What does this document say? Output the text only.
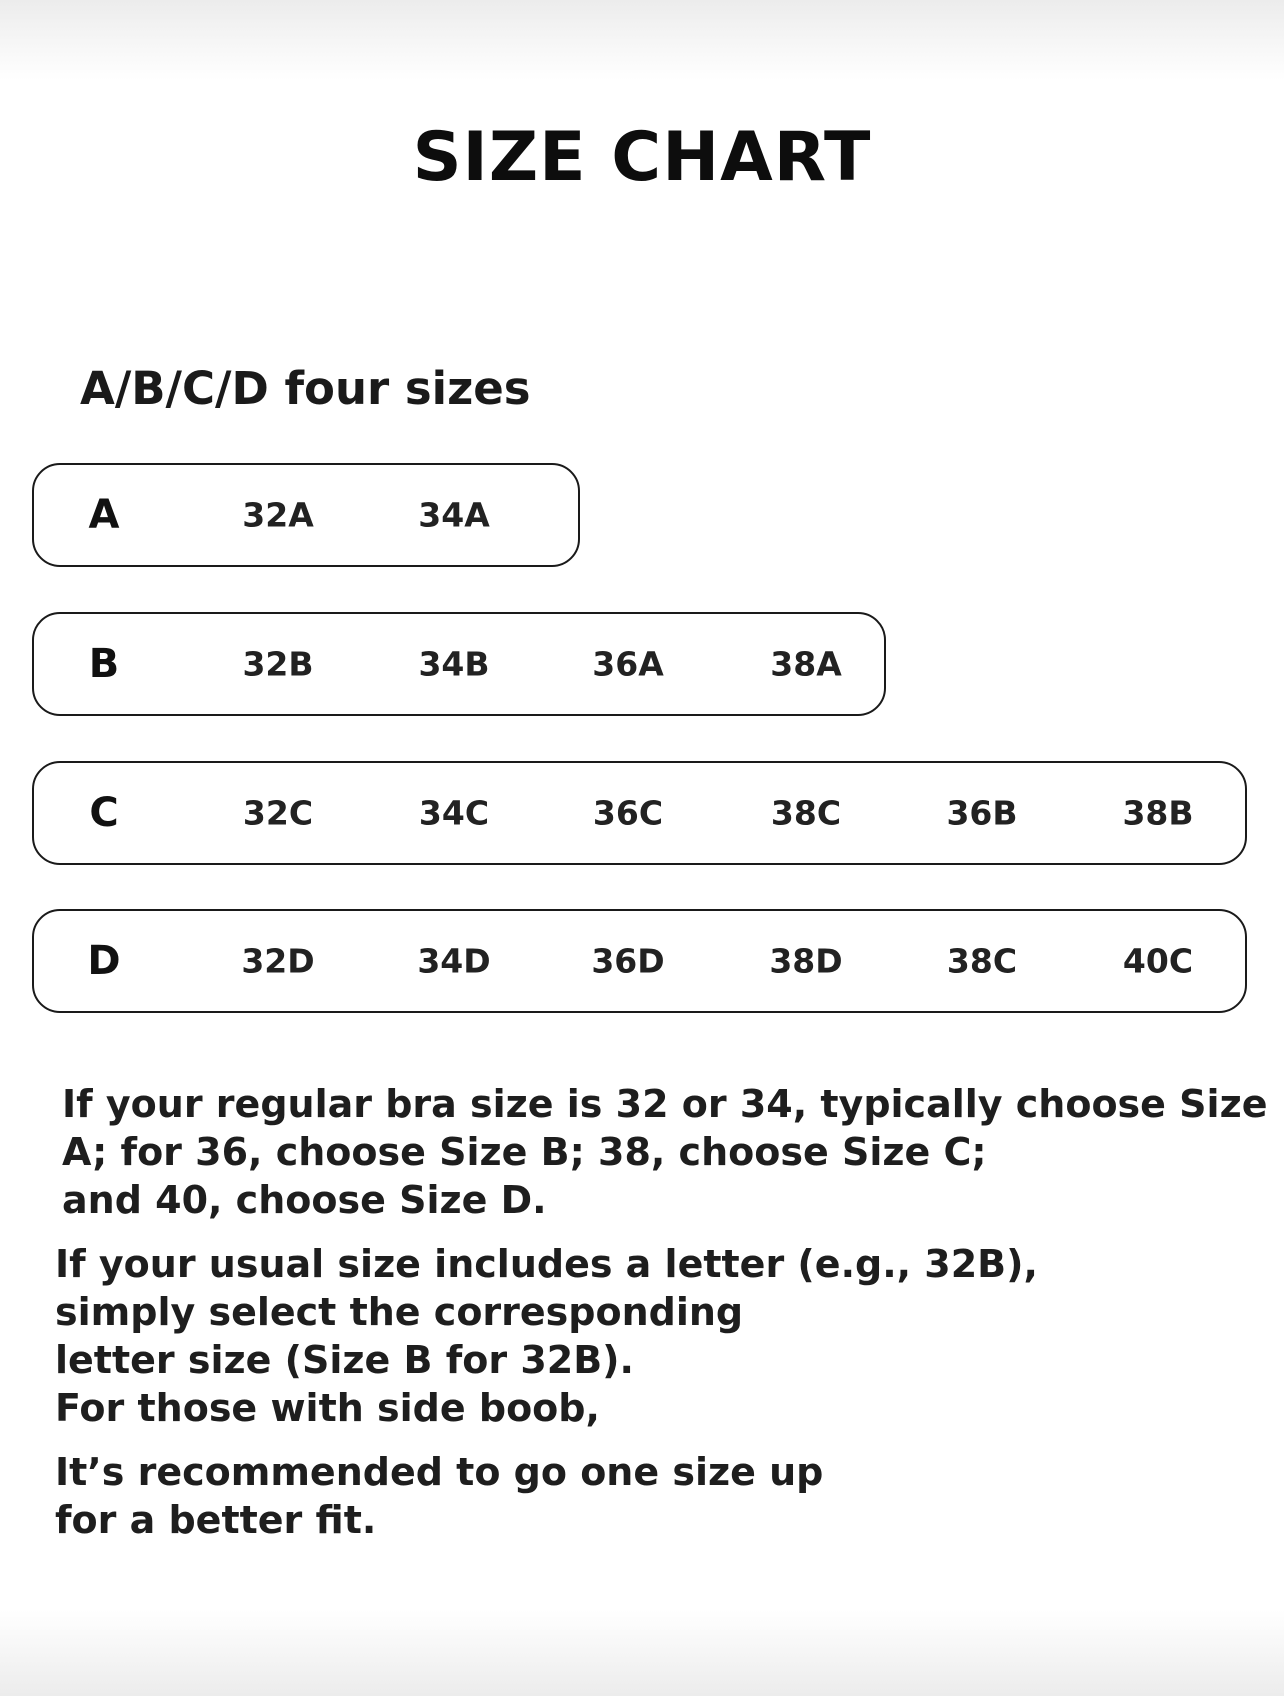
SIZE CHART
A/B/C/D four sizes
A	32A	34A
B	32B	34B	36A	38A
C	32C	34C	36C	38C	36B	38B
D	32D	34D	36D	38D	38C	40C

If your regular bra size is 32 or 34, typically choose Size
A; for 36, choose Size B; 38, choose Size C;
and 40, choose Size D.

If your usual size includes a letter (e.g., 32B),
simply select the corresponding
letter size (Size B for 32B).
For those with side boob,

It’s recommended to go one size up
for a better fit.
